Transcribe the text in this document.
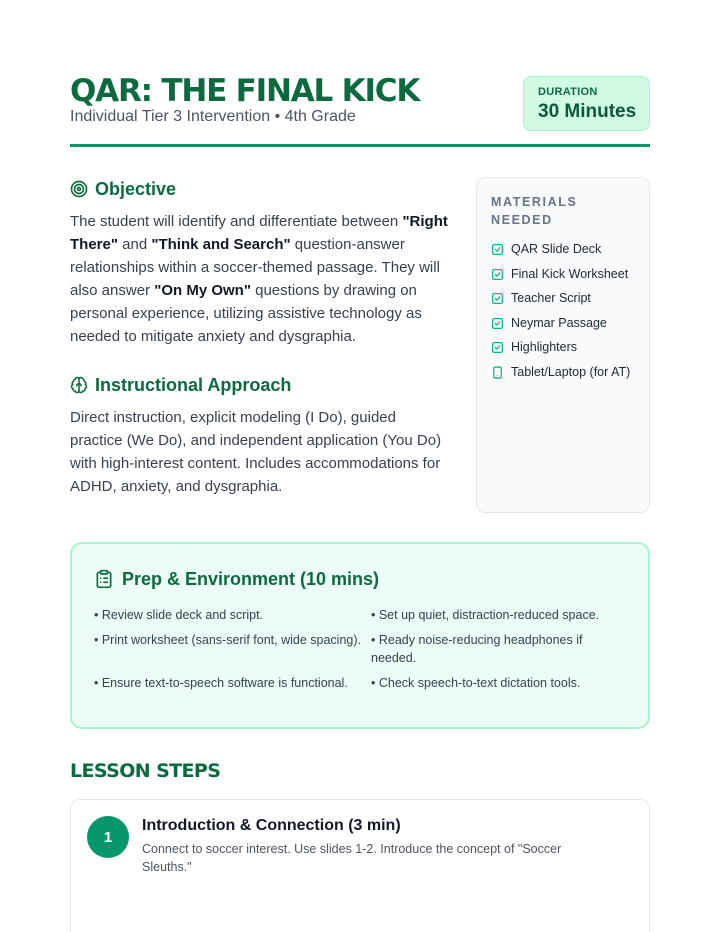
QAR: THE FINAL KICK
Individual Tier 3 Intervention • 4th Grade
DURATION
30 Minutes
Objective

The student will identify and differentiate between "Right There" and "Think and Search" question-answer relationships within a soccer-themed passage. They will also answer "On My Own" questions by drawing on personal experience, utilizing assistive technology as needed to mitigate anxiety and dysgraphia.

Instructional Approach

Direct instruction, explicit modeling (I Do), guided practice (We Do), and independent application (You Do) with high-interest content. Includes accommodations for ADHD, anxiety, and dysgraphia.

MATERIALS NEEDED
QAR Slide Deck
Final Kick Worksheet
Teacher Script
Neymar Passage
Highlighters
Tablet/Laptop (for AT)
Prep & Environment (10 mins)
• Review slide deck and script.	• Set up quiet, distraction-reduced space.
• Print worksheet (sans-serif font, wide spacing). • Ready noise-reducing headphones if needed.
• Ensure text-to-speech software is functional.	• Check speech-to-text dictation tools.
LESSON STEPS
1
Introduction & Connection (3 min)
Connect to soccer interest. Use slides 1-2. Introduce the concept of "Soccer Sleuths."
